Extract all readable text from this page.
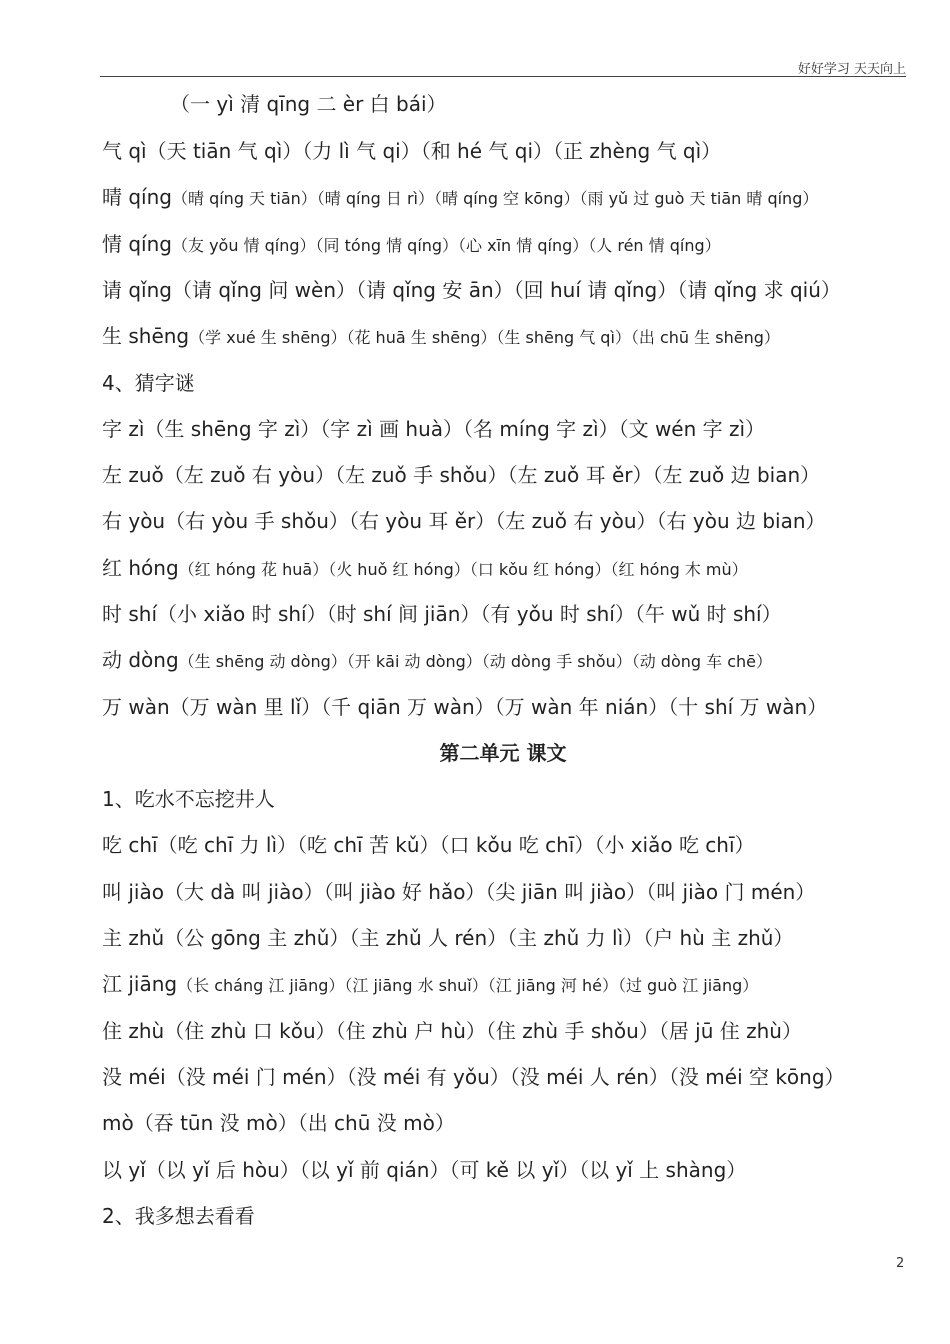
好好学习 天天向上
（一 yì 清 qīng 二 èr 白 bái）
气 qì（天 tiān 气 qì）（力 lì 气 qi）（和 hé 气 qi）（正 zhèng 气 qì）
晴 qíng（晴 qíng 天 tiān）（晴 qíng 日 rì）（晴 qíng 空 kōng）（雨 yǔ 过 guò 天 tiān 晴 qíng）
情 qíng（友 yǒu 情 qíng）（同 tóng 情 qíng）（心 xīn 情 qíng）（人 rén 情 qíng）
请 qǐng（请 qǐng 问 wèn）（请 qǐng 安 ān）（回 huí 请 qǐng）（请 qǐng 求 qiú）
生 shēng（学 xué 生 shēng）（花 huā 生 shēng）（生 shēng 气 qì）（出 chū 生 shēng）
4、猜字谜
字 zì（生 shēng 字 zì）（字 zì 画 huà）（名 míng 字 zì）（文 wén 字 zì）
左 zuǒ（左 zuǒ 右 yòu）（左 zuǒ 手 shǒu）（左 zuǒ 耳 ěr）（左 zuǒ 边 bian）
右 yòu（右 yòu 手 shǒu）（右 yòu 耳 ěr）（左 zuǒ 右 yòu）（右 yòu 边 bian）
红 hóng（红 hóng 花 huā）（火 huǒ 红 hóng）（口 kǒu 红 hóng）（红 hóng 木 mù）
时 shí（小 xiǎo 时 shí）（时 shí 间 jiān）（有 yǒu 时 shí）（午 wǔ 时 shí）
动 dòng（生 shēng 动 dòng）（开 kāi 动 dòng）（动 dòng 手 shǒu）（动 dòng 车 chē）
万 wàn（万 wàn 里 lǐ）（千 qiān 万 wàn）（万 wàn 年 nián）（十 shí 万 wàn）
第二单元 课文
1、吃水不忘挖井人
吃 chī（吃 chī 力 lì）（吃 chī 苦 kǔ）（口 kǒu 吃 chī）（小 xiǎo 吃 chī）
叫 jiào（大 dà 叫 jiào）（叫 jiào 好 hǎo）（尖 jiān 叫 jiào）（叫 jiào 门 mén）
主 zhǔ（公 gōng 主 zhǔ）（主 zhǔ 人 rén）（主 zhǔ 力 lì）（户 hù 主 zhǔ）
江 jiāng（长 cháng 江 jiāng）（江 jiāng 水 shuǐ）（江 jiāng 河 hé）（过 guò 江 jiāng）
住 zhù（住 zhù 口 kǒu）（住 zhù 户 hù）（住 zhù 手 shǒu）（居 jū 住 zhù）
没 méi（没 méi 门 mén）（没 méi 有 yǒu）（没 méi 人 rén）（没 méi 空 kōng）
mò（吞 tūn 没 mò）（出 chū 没 mò）
以 yǐ（以 yǐ 后 hòu）（以 yǐ 前 qián）（可 kě 以 yǐ）（以 yǐ 上 shàng）
2、我多想去看看
2
